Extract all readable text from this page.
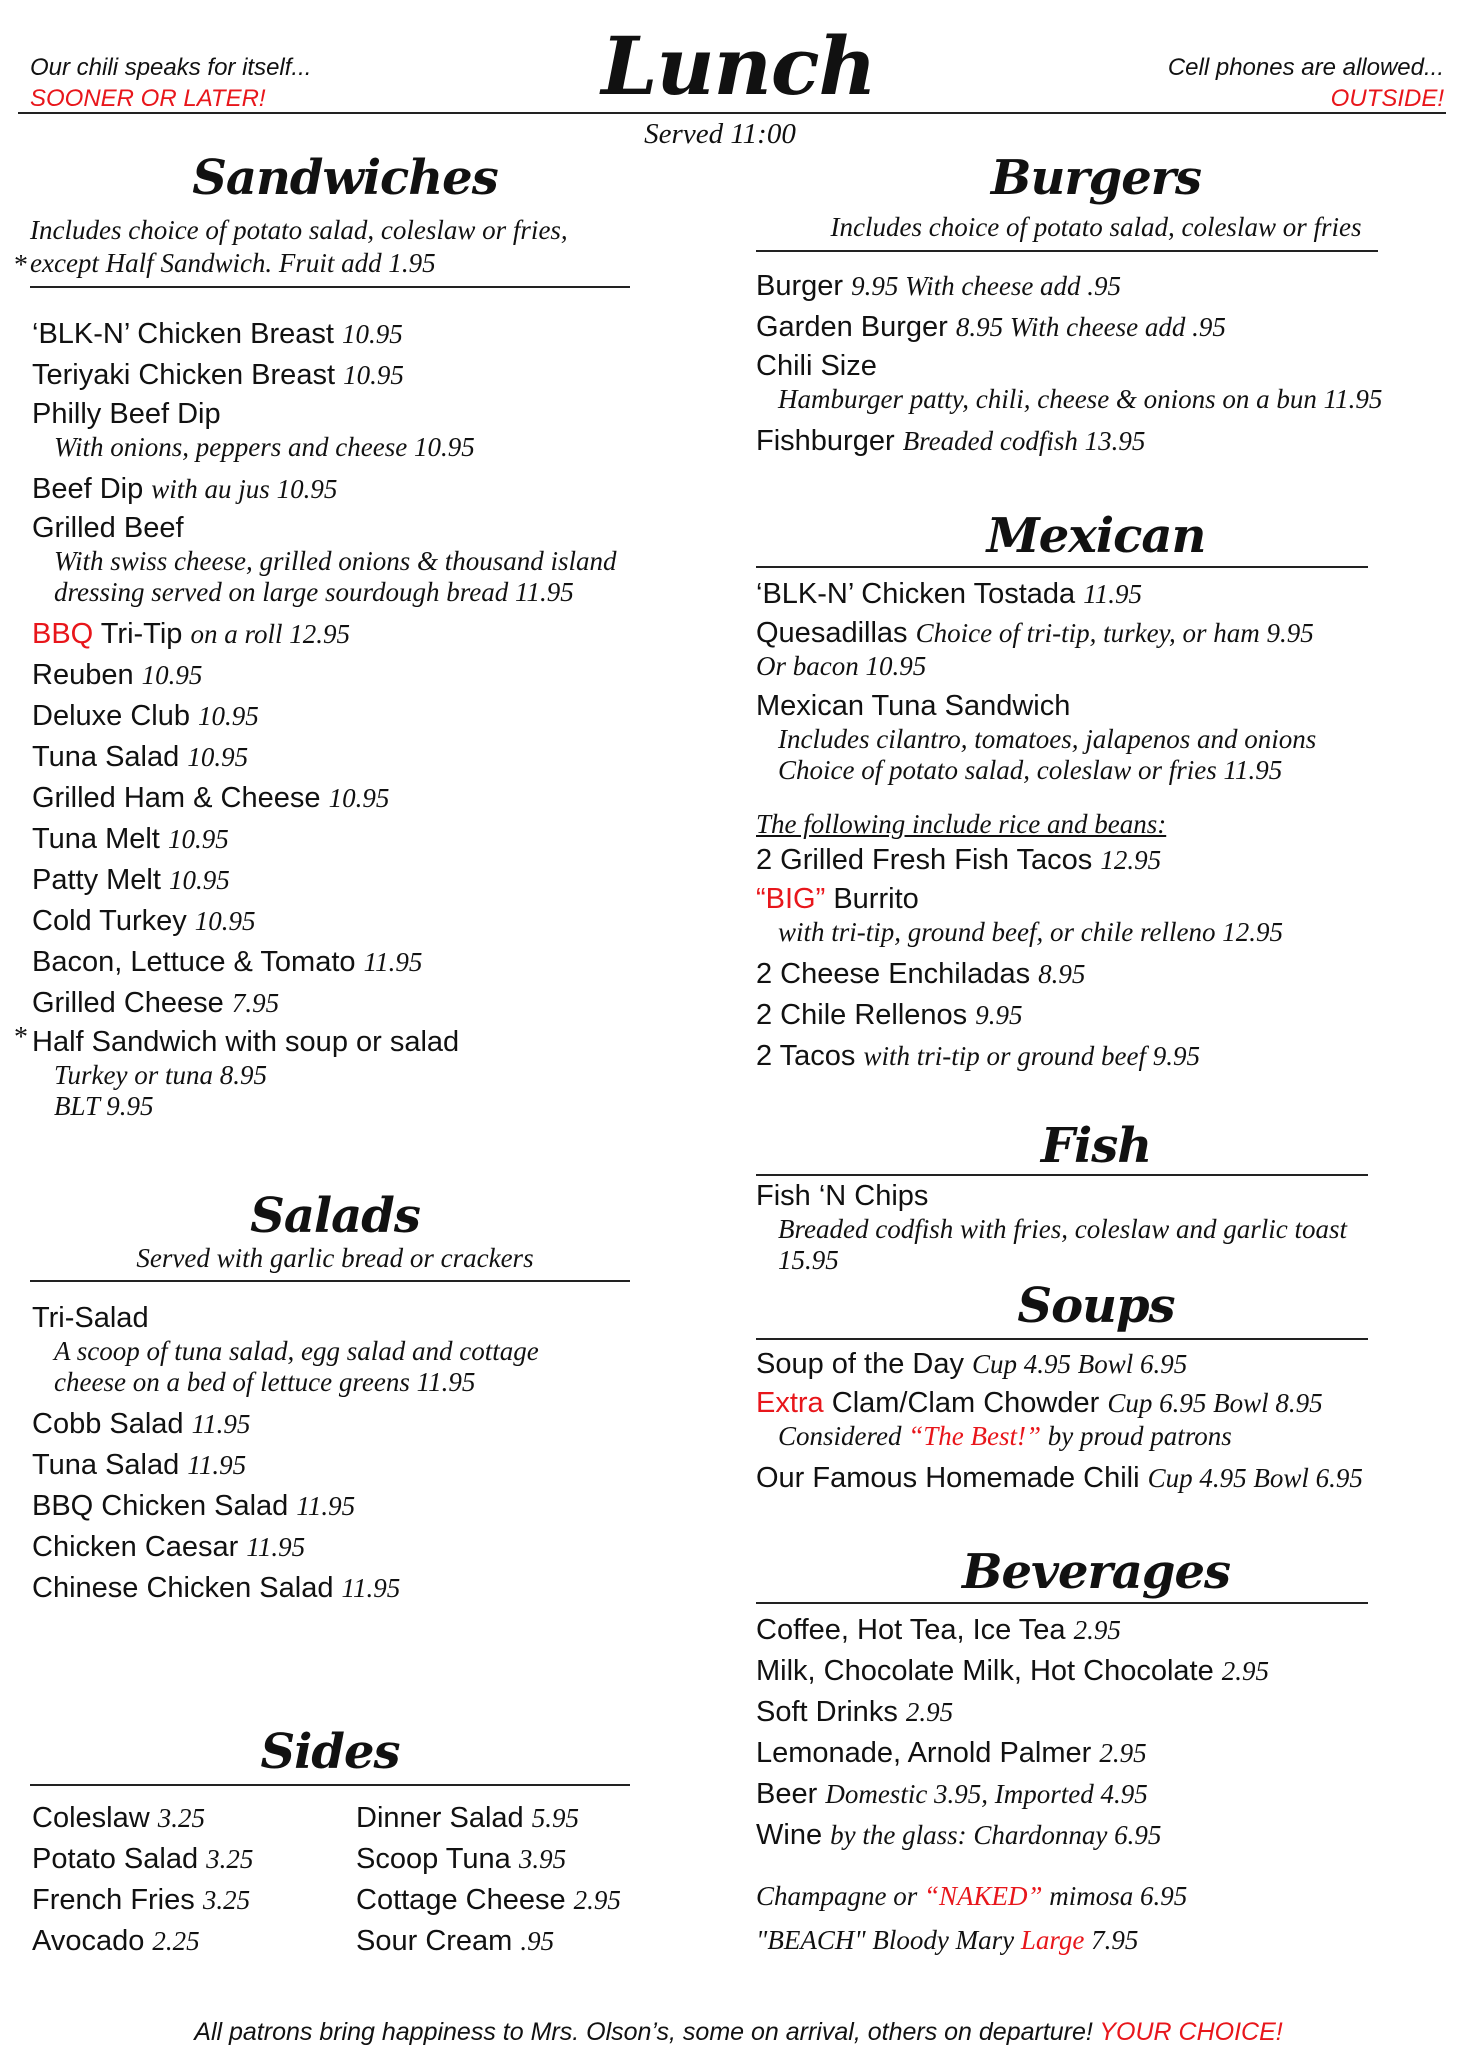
Our chili speaks for itself...
SOONER OR LATER!	Lunch	Cell phones are allowed...
OUTSIDE!
Served 11:00
Sandwiches
Includes choice of potato salad, coleslaw or fries,
except Half Sandwich. Fruit add 1.95
*
‘BLK-N’ Chicken Breast 10.95
Teriyaki Chicken Breast 10.95
Philly Beef Dip
With onions, peppers and cheese 10.95
Beef Dip with au jus 10.95
Grilled Beef
With swiss cheese, grilled onions & thousand island
dressing served on large sourdough bread 11.95
BBQ Tri-Tip on a roll 12.95
Reuben 10.95
Deluxe Club 10.95
Tuna Salad 10.95
Grilled Ham & Cheese 10.95
Tuna Melt 10.95
Patty Melt 10.95
Cold Turkey 10.95
Bacon, Lettuce & Tomato 11.95
Grilled Cheese 7.95
Half Sandwich with soup or salad
Turkey or tuna 8.95
BLT 9.95
*
Salads
Served with garlic bread or crackers
Tri-Salad
A scoop of tuna salad, egg salad and cottage
cheese on a bed of lettuce greens 11.95
Cobb Salad 11.95
Tuna Salad 11.95
BBQ Chicken Salad 11.95
Chicken Caesar 11.95
Chinese Chicken Salad 11.95
Sides
Coleslaw 3.25
Potato Salad 3.25
French Fries 3.25
Avocado 2.25
Dinner Salad 5.95
Scoop Tuna 3.95
Cottage Cheese 2.95
Sour Cream .95
Burgers
Includes choice of potato salad, coleslaw or fries
Burger 9.95 With cheese add .95
Garden Burger 8.95 With cheese add .95
Chili Size
Hamburger patty, chili, cheese & onions on a bun 11.95
Fishburger Breaded codfish 13.95
Mexican
‘BLK-N’ Chicken Tostada 11.95
Quesadillas Choice of tri-tip, turkey, or ham 9.95
Or bacon 10.95
Mexican Tuna Sandwich
Includes cilantro, tomatoes, jalapenos and onions
Choice of potato salad, coleslaw or fries 11.95
The following include rice and beans:
2 Grilled Fresh Fish Tacos 12.95
“BIG” Burrito
with tri-tip, ground beef, or chile relleno 12.95
2 Cheese Enchiladas 8.95
2 Chile Rellenos 9.95
2 Tacos with tri-tip or ground beef 9.95
Fish
Fish ‘N Chips
Breaded codfish with fries, coleslaw and garlic toast
15.95
Soups
Soup of the Day Cup 4.95 Bowl 6.95
Extra Clam/Clam Chowder Cup 6.95 Bowl 8.95
Considered “The Best!” by proud patrons
Our Famous Homemade Chili Cup 4.95 Bowl 6.95
Beverages
Coffee, Hot Tea, Ice Tea 2.95
Milk, Chocolate Milk, Hot Chocolate 2.95
Soft Drinks 2.95
Lemonade, Arnold Palmer 2.95
Beer Domestic 3.95, Imported 4.95
Wine by the glass: Chardonnay 6.95
Champagne or “NAKED” mimosa 6.95
"BEACH" Bloody Mary Large 7.95
All patrons bring happiness to Mrs. Olson’s, some on arrival, others on departure! YOUR CHOICE!
